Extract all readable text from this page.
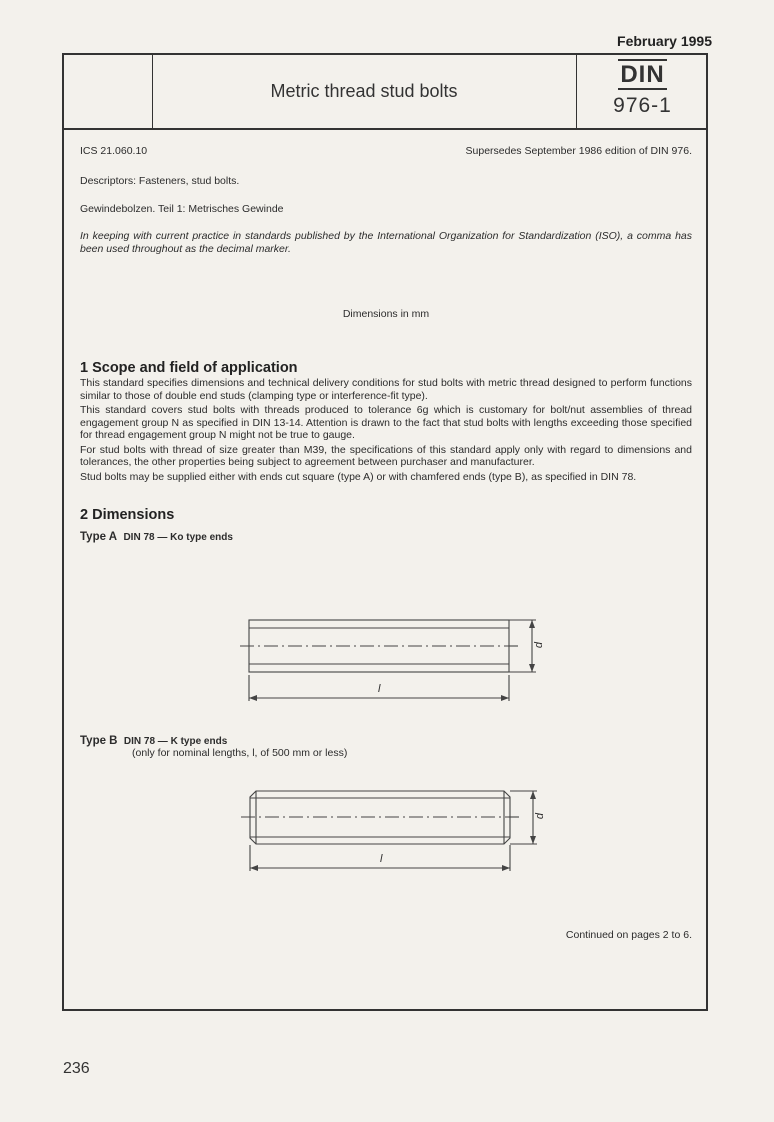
February 1995
Metric thread stud bolts
DIN
976-1
ICS 21.060.10	Supersedes September 1986 edition of DIN 976.

Descriptors: Fasteners, stud bolts.

Gewindebolzen. Teil 1: Metrisches Gewinde

In keeping with current practice in standards published by the International Organization for Standardization (ISO), a comma has been used throughout as the decimal marker.

Dimensions in mm

1 Scope and field of application

This standard specifies dimensions and technical delivery conditions for stud bolts with metric thread designed to perform functions similar to those of double end studs (clamping type or interference-fit type).

This standard covers stud bolts with threads produced to tolerance 6g which is customary for bolt/nut assemblies of thread engagement group N as specified in DIN 13-14. Attention is drawn to the fact that stud bolts with lengths exceeding those specified for thread engagement group N might not be true to gauge.

For stud bolts with thread of size greater than M39, the specifications of this standard apply only with regard to dimensions and tolerances, the other properties being subject to agreement between purchaser and manufacturer.

Stud bolts may be supplied either with ends cut square (type A) or with chamfered ends (type B), as specified in DIN 78.

2 Dimensions
Type A DIN 78 — Ko type ends
d
l
Type B DIN 78 — K type ends
(only for nominal lengths, l, of 500 mm or less)
d
l
Continued on pages 2 to 6.
236
